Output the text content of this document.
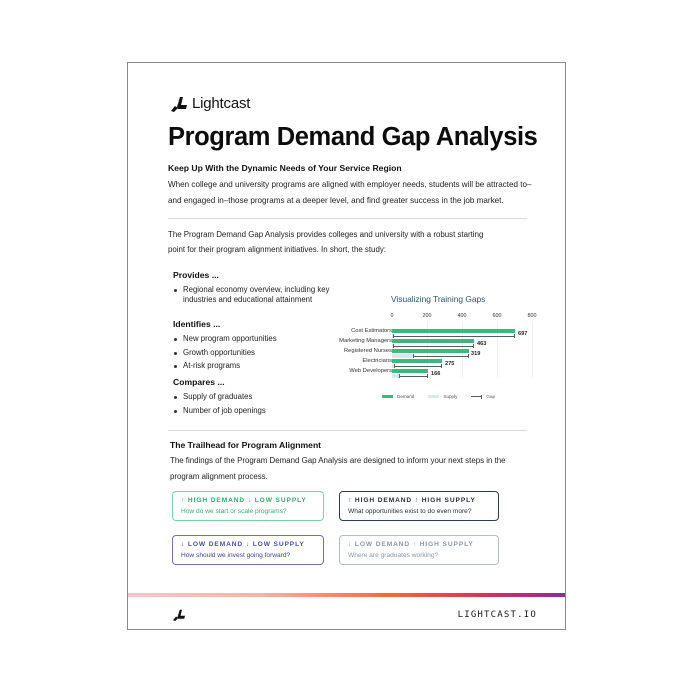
Lightcast
Program Demand Gap Analysis
Keep Up With the Dynamic Needs of Your Service Region
When college and university programs are aligned with employer needs, students will be attracted to–and engaged in–those programs at a deeper level, and find greater success in the job market.
The Program Demand Gap Analysis provides colleges and university with a robust starting point for their program alignment initiatives. In short, the study:
Provides ...
Regional economy overview, including key industries and educational attainment
Identifies ...
New program opportunities
Growth opportunities
At-risk programs
Compares ...
Supply of graduates
Number of job openings
Visualizing Training Gaps
0	200	400	600	800
Cost Estimators	697
Marketing Managers	463
Registered Nurses	319
Electricians	275
Web Developers	166
Demand	Supply	Gap
The Trailhead for Program Alignment
The findings of the Program Demand Gap Analysis are designed to inform your next steps in the program alignment process.
↑ HIGH DEMAND ↓ LOW SUPPLY
How do we start or scale programs?
↑ HIGH DEMAND ↑ HIGH SUPPLY
What opportunities exist to do even more?
↓ LOW DEMAND ↓ LOW SUPPLY
How should we invest going forward?
↓ LOW DEMAND ↑ HIGH SUPPLY
Where are graduates working?
LIGHTCAST.IO
